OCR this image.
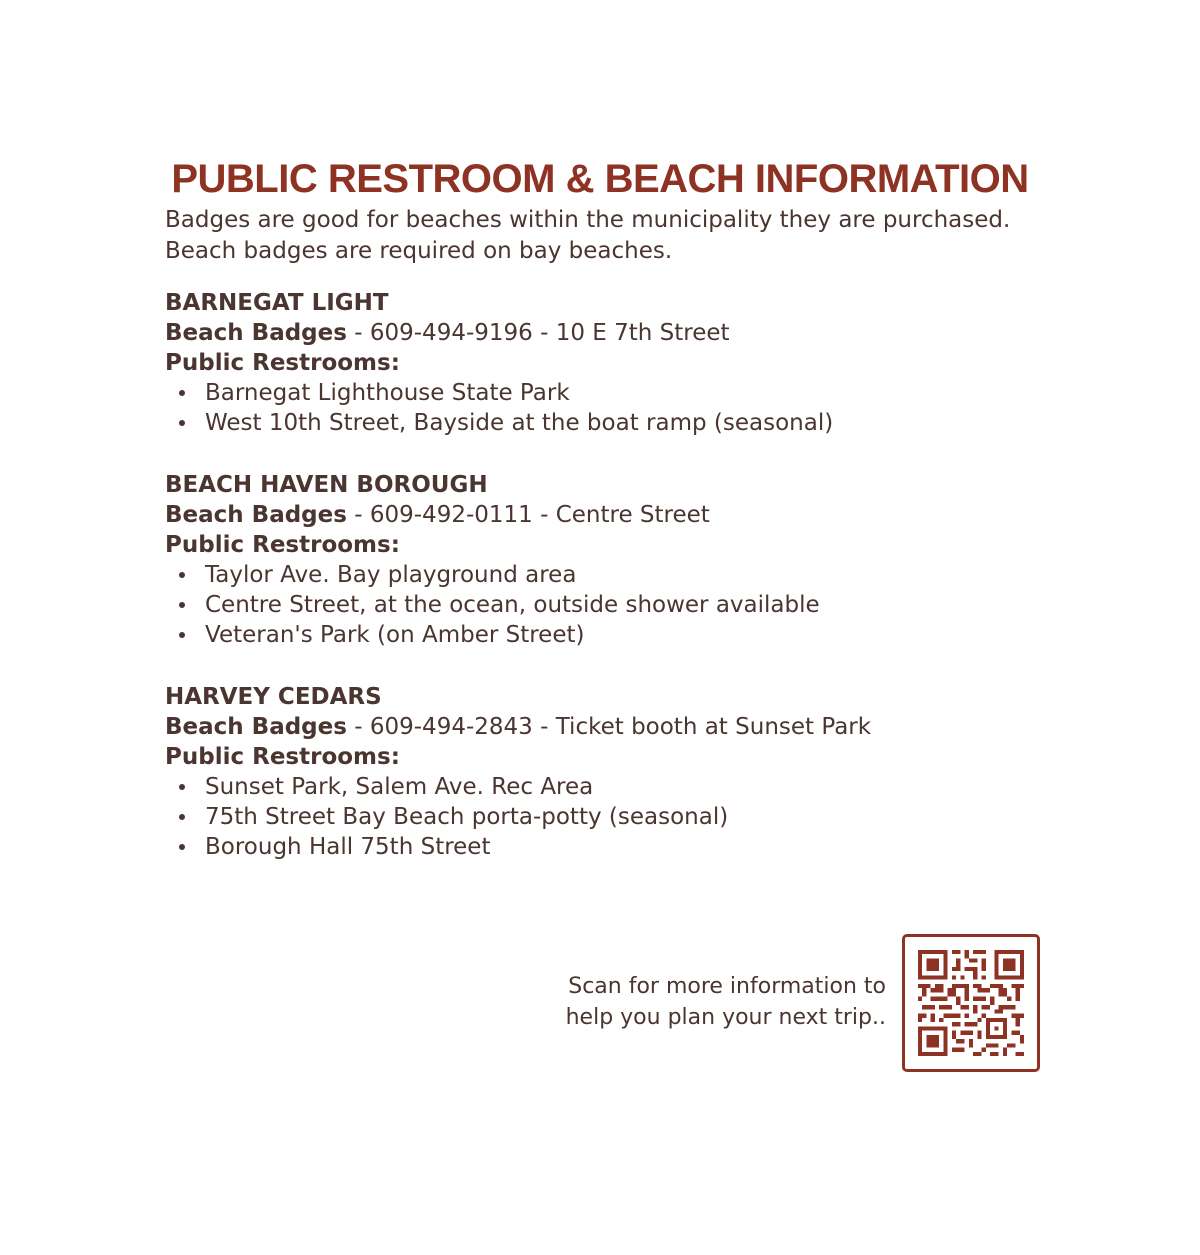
PUBLIC RESTROOM & BEACH INFORMATION

Badges are good for beaches within the municipality they are purchased.
Beach badges are required on bay beaches.

BARNEGAT LIGHT

Beach Badges - 609-494-9196 - 10 E 7th Street

Public Restrooms:

Barnegat Lighthouse State Park
West 10th Street, Bayside at the boat ramp (seasonal)

BEACH HAVEN BOROUGH

Beach Badges - 609-492-0111 - Centre Street

Public Restrooms:

Taylor Ave. Bay playground area
Centre Street, at the ocean, outside shower available
Veteran's Park (on Amber Street)

HARVEY CEDARS

Beach Badges - 609-494-2843 - Ticket booth at Sunset Park

Public Restrooms:

Sunset Park, Salem Ave. Rec Area
75th Street Bay Beach porta-potty (seasonal)
Borough Hall 75th Street
Scan for more information to
help you plan your next trip..
